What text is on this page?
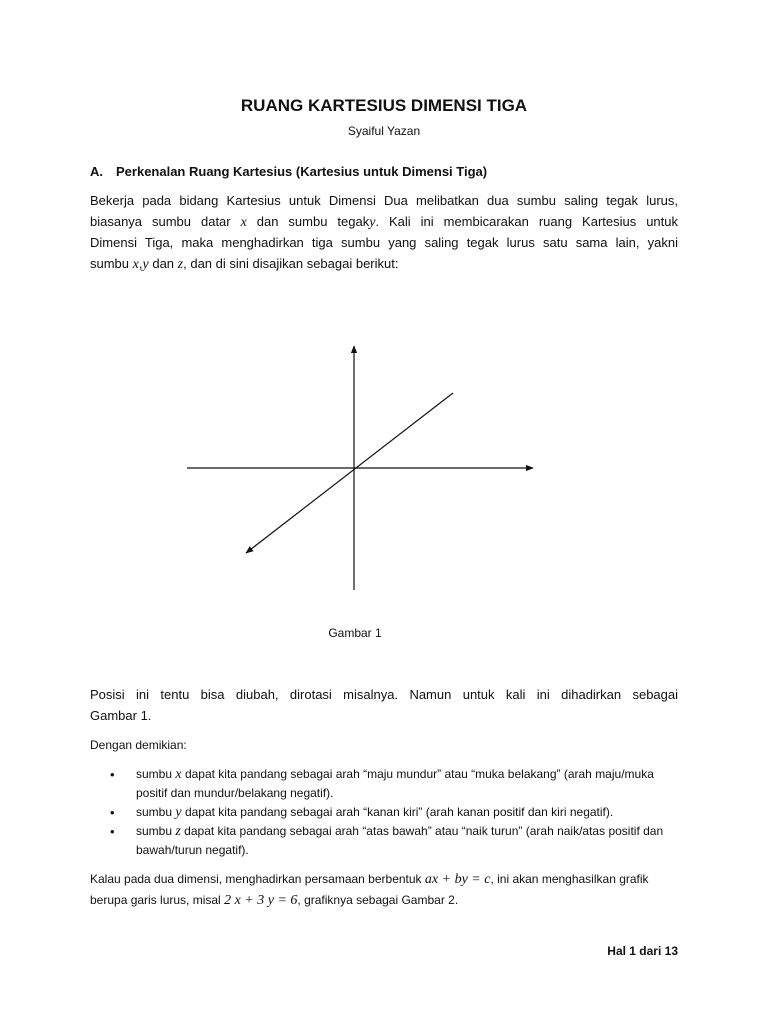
RUANG KARTESIUS DIMENSI TIGA
Syaiful Yazan
A. Perkenalan Ruang Kartesius (Kartesius untuk Dimensi Tiga)
Bekerja pada bidang Kartesius untuk Dimensi Dua melibatkan dua sumbu saling tegak lurus,
biasanya sumbu datar x dan sumbu tegaky. Kali ini membicarakan ruang Kartesius untuk
Dimensi Tiga, maka menghadirkan tiga sumbu yang saling tegak lurus satu sama lain, yakni
sumbu x,y dan z, dan di sini disajikan sebagai berikut:
Gambar 1
Posisi ini tentu bisa diubah, dirotasi misalnya. Namun untuk kali ini dihadirkan sebagai
Gambar 1.
Dengan demikian:
• sumbu x dapat kita pandang sebagai arah “maju mundur” atau “muka belakang” (arah maju/muka positif dan mundur/belakang negatif).
• sumbu y dapat kita pandang sebagai arah “kanan kiri” (arah kanan positif dan kiri negatif).
• sumbu z dapat kita pandang sebagai arah “atas bawah” atau “naik turun” (arah naik/atas positif dan bawah/turun negatif).
Kalau pada dua dimensi, menghadirkan persamaan berbentuk ax + by = c, ini akan menghasilkan grafik berupa garis lurus, misal 2 x + 3 y = 6, grafiknya sebagai Gambar 2.
Hal 1 dari 13
